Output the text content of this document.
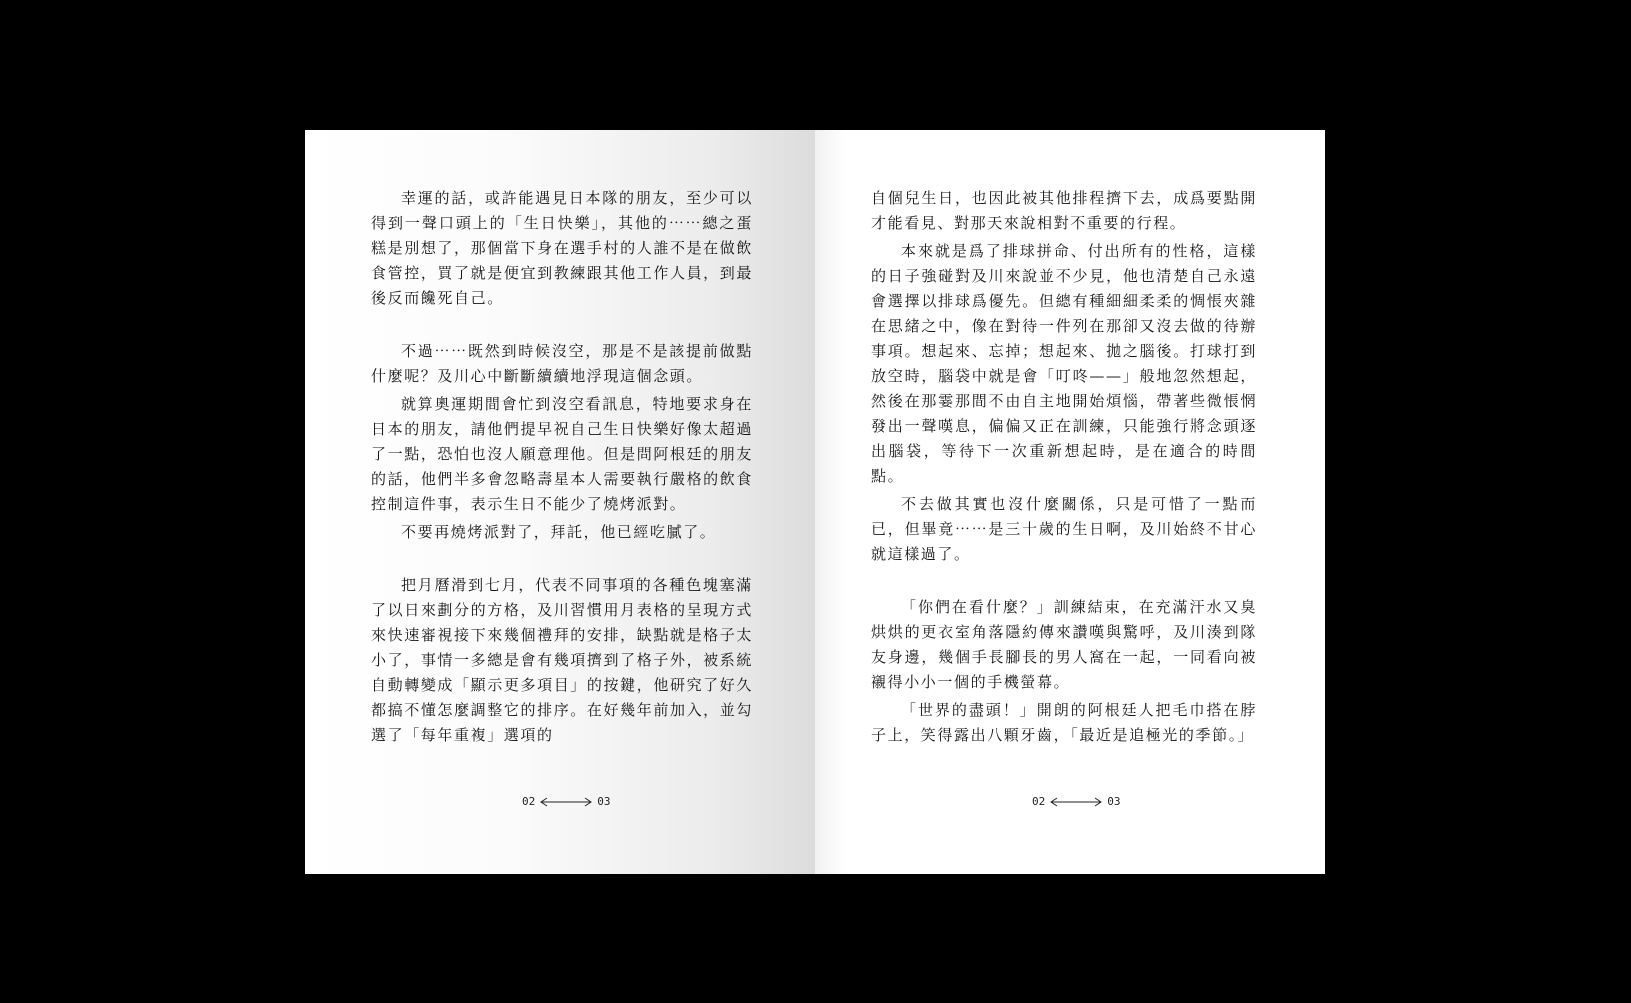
幸運的話，或許能遇見日本隊的朋友，至少可以得到一聲口頭上的「生日快樂」，其他的⋯⋯總之蛋糕是別想了，那個當下身在選手村的人誰不是在做飲食管控，買了就是便宜到教練跟其他工作人員，到最後反而饞死自己。

不過⋯⋯既然到時候沒空，那是不是該提前做點什麼呢？及川心中斷斷續續地浮現這個念頭。

就算奧運期間會忙到沒空看訊息，特地要求身在日本的朋友，請他們提早祝自己生日快樂好像太超過了一點，恐怕也沒人願意理他。但是問阿根廷的朋友的話，他們半多會忽略壽星本人需要執行嚴格的飲食控制這件事，表示生日不能少了燒烤派對。

不要再燒烤派對了，拜託，他已經吃膩了。

把月曆滑到七月，代表不同事項的各種色塊塞滿了以日來劃分的方格，及川習慣用月表格的呈現方式來快速審視接下來幾個禮拜的安排，缺點就是格子太小了，事情一多總是會有幾項擠到了格子外，被系統自動轉變成「顯示更多項目」的按鍵，他研究了好久都搞不懂怎麼調整它的排序。在好幾年前加入，並勾選了「每年重複」選項的

02	03

自個兒生日，也因此被其他排程擠下去，成爲要點開才能看見、對那天來說相對不重要的行程。

本來就是爲了排球拼命、付出所有的性格，這樣的日子強碰對及川來說並不少見，他也清楚自己永遠會選擇以排球爲優先。但總有種細細柔柔的惆悵夾雜在思緒之中，像在對待一件列在那卻又沒去做的待辦事項。想起來、忘掉；想起來、拋之腦後。打球打到放空時，腦袋中就是會「叮咚——」般地忽然想起，然後在那霎那間不由自主地開始煩惱，帶著些微悵惘發出一聲嘆息，偏偏又正在訓練，只能強行將念頭逐出腦袋，等待下一次重新想起時，是在適合的時間點。

不去做其實也沒什麼關係，只是可惜了一點而已，但畢竟⋯⋯是三十歲的生日啊，及川始終不甘心就這樣過了。

「你們在看什麼？」訓練結束，在充滿汗水又臭烘烘的更衣室角落隱約傳來讚嘆與驚呼，及川湊到隊友身邊，幾個手長腳長的男人窩在一起，一同看向被襯得小小一個的手機螢幕。

「世界的盡頭！」開朗的阿根廷人把毛巾搭在脖子上，笑得露出八顆牙齒，「最近是追極光的季節。」

02	03
